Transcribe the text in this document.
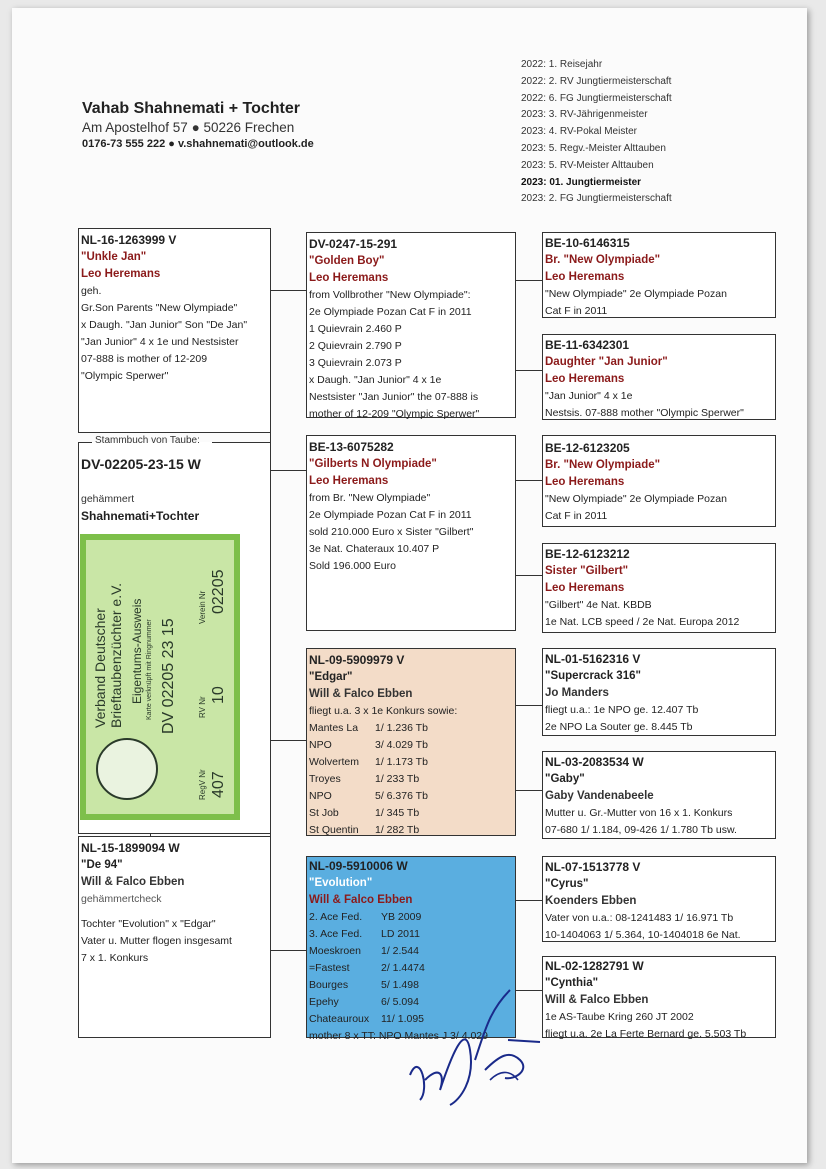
Vahab Shahnemati + Tochter
Am Apostelhof 57 ● 50226 Frechen
0176-73 555 222 ● v.shahnemati@outlook.de
2022: 1. Reisejahr
2022: 2. RV Jungtiermeisterschaft
2022: 6. FG Jungtiermeisterschaft
2023: 3. RV-Jährigenmeister
2023: 4. RV-Pokal Meister
2023: 5. Regv.-Meister Alttauben
2023: 5. RV-Meister Alttauben
2023: 01. Jungtiermeister
2023: 2. FG Jungtiermeisterschaft
NL-16-1263999 V
"Unkle Jan"
Leo Heremans
geh.
Gr.Son Parents "New Olympiade"
x Daugh. "Jan Junior" Son "De Jan"
"Jan Junior" 4 x 1e und Nestsister
07-888 is mother of 12-209
"Olympic Sperwer"
Stammbuch von Taube:
DV-02205-23-15 W
gehämmert
Shahnemati+Tochter
Verband Deutscher Brieftaubenzüchter e.V. Eigentums-Ausweis Karte verknüpft mit Ringnummer DV 02205 23 15
RegV Nr 407
RV Nr
10
Verein Nr 02205
NL-15-1899094 W
"De 94"
Will & Falco Ebben
gehämmertcheck
Tochter "Evolution" x "Edgar"
Vater u. Mutter flogen insgesamt
7 x 1. Konkurs
DV-0247-15-291
"Golden Boy"
Leo Heremans
from Vollbrother "New Olympiade":
2e Olympiade Pozan Cat F in 2011
1 Quievrain 2.460 P
2 Quievrain 2.790 P
3 Quievrain 2.073 P
x Daugh. "Jan Junior" 4 x 1e
Nestsister "Jan Junior" the 07-888 is
mother of 12-209 "Olympic Sperwer"
BE-13-6075282
"Gilberts N Olympiade"
Leo Heremans
from Br. "New Olympiade"
2e Olympiade Pozan Cat F in 2011
sold 210.000 Euro x Sister "Gilbert"
3e Nat. Chateraux 10.407 P
Sold 196.000 Euro
NL-09-5909979 V
"Edgar"
Will & Falco Ebben
fliegt u.a. 3 x 1e Konkurs sowie:
Mantes La	1/ 1.236 Tb
NPO	3/ 4.029 Tb
Wolvertem	1/ 1.173 Tb
Troyes	1/ 233 Tb
NPO	5/ 6.376 Tb
St Job	1/ 345 Tb
St Quentin	1/ 282 Tb
NL-09-5910006 W
"Evolution"
Will & Falco Ebben
2. Ace Fed.	YB 2009
3. Ace Fed.	LD 2011
Moeskroen	1/ 2.544
=Fastest	2/ 1.4474
Bourges	5/ 1.498
Epehy	6/ 5.094
Chateauroux	11/ 1.095
mother 8 x TT: NPO Mantes J 3/ 4.029
BE-10-6146315
Br. "New Olympiade"
Leo Heremans
"New Olympiade" 2e Olympiade Pozan
Cat F in 2011
BE-11-6342301
Daughter "Jan Junior"
Leo Heremans
"Jan Junior" 4 x 1e
Nestsis. 07-888 mother "Olympic Sperwer"
BE-12-6123205
Br. "New Olympiade"
Leo Heremans
"New Olympiade" 2e Olympiade Pozan
Cat F in 2011
BE-12-6123212
Sister "Gilbert"
Leo Heremans
"Gilbert" 4e Nat. KBDB
1e Nat. LCB speed / 2e Nat. Europa 2012
NL-01-5162316 V
"Supercrack 316"
Jo Manders
fliegt u.a.: 1e NPO ge. 12.407 Tb
2e NPO La Souter ge. 8.445 Tb
NL-03-2083534 W
"Gaby"
Gaby Vandenabeele
Mutter u. Gr.-Mutter von 16 x 1. Konkurs
07-680 1/ 1.184, 09-426 1/ 1.780 Tb usw.
NL-07-1513778 V
"Cyrus"
Koenders Ebben
Vater von u.a.: 08-1241483 1/ 16.971 Tb
10-1404063 1/ 5.364, 10-1404018 6e Nat.
NL-02-1282791 W
"Cynthia"
Will & Falco Ebben
1e AS-Taube Kring 260 JT 2002
fliegt u.a. 2e La Ferte Bernard ge. 5.503 Tb
